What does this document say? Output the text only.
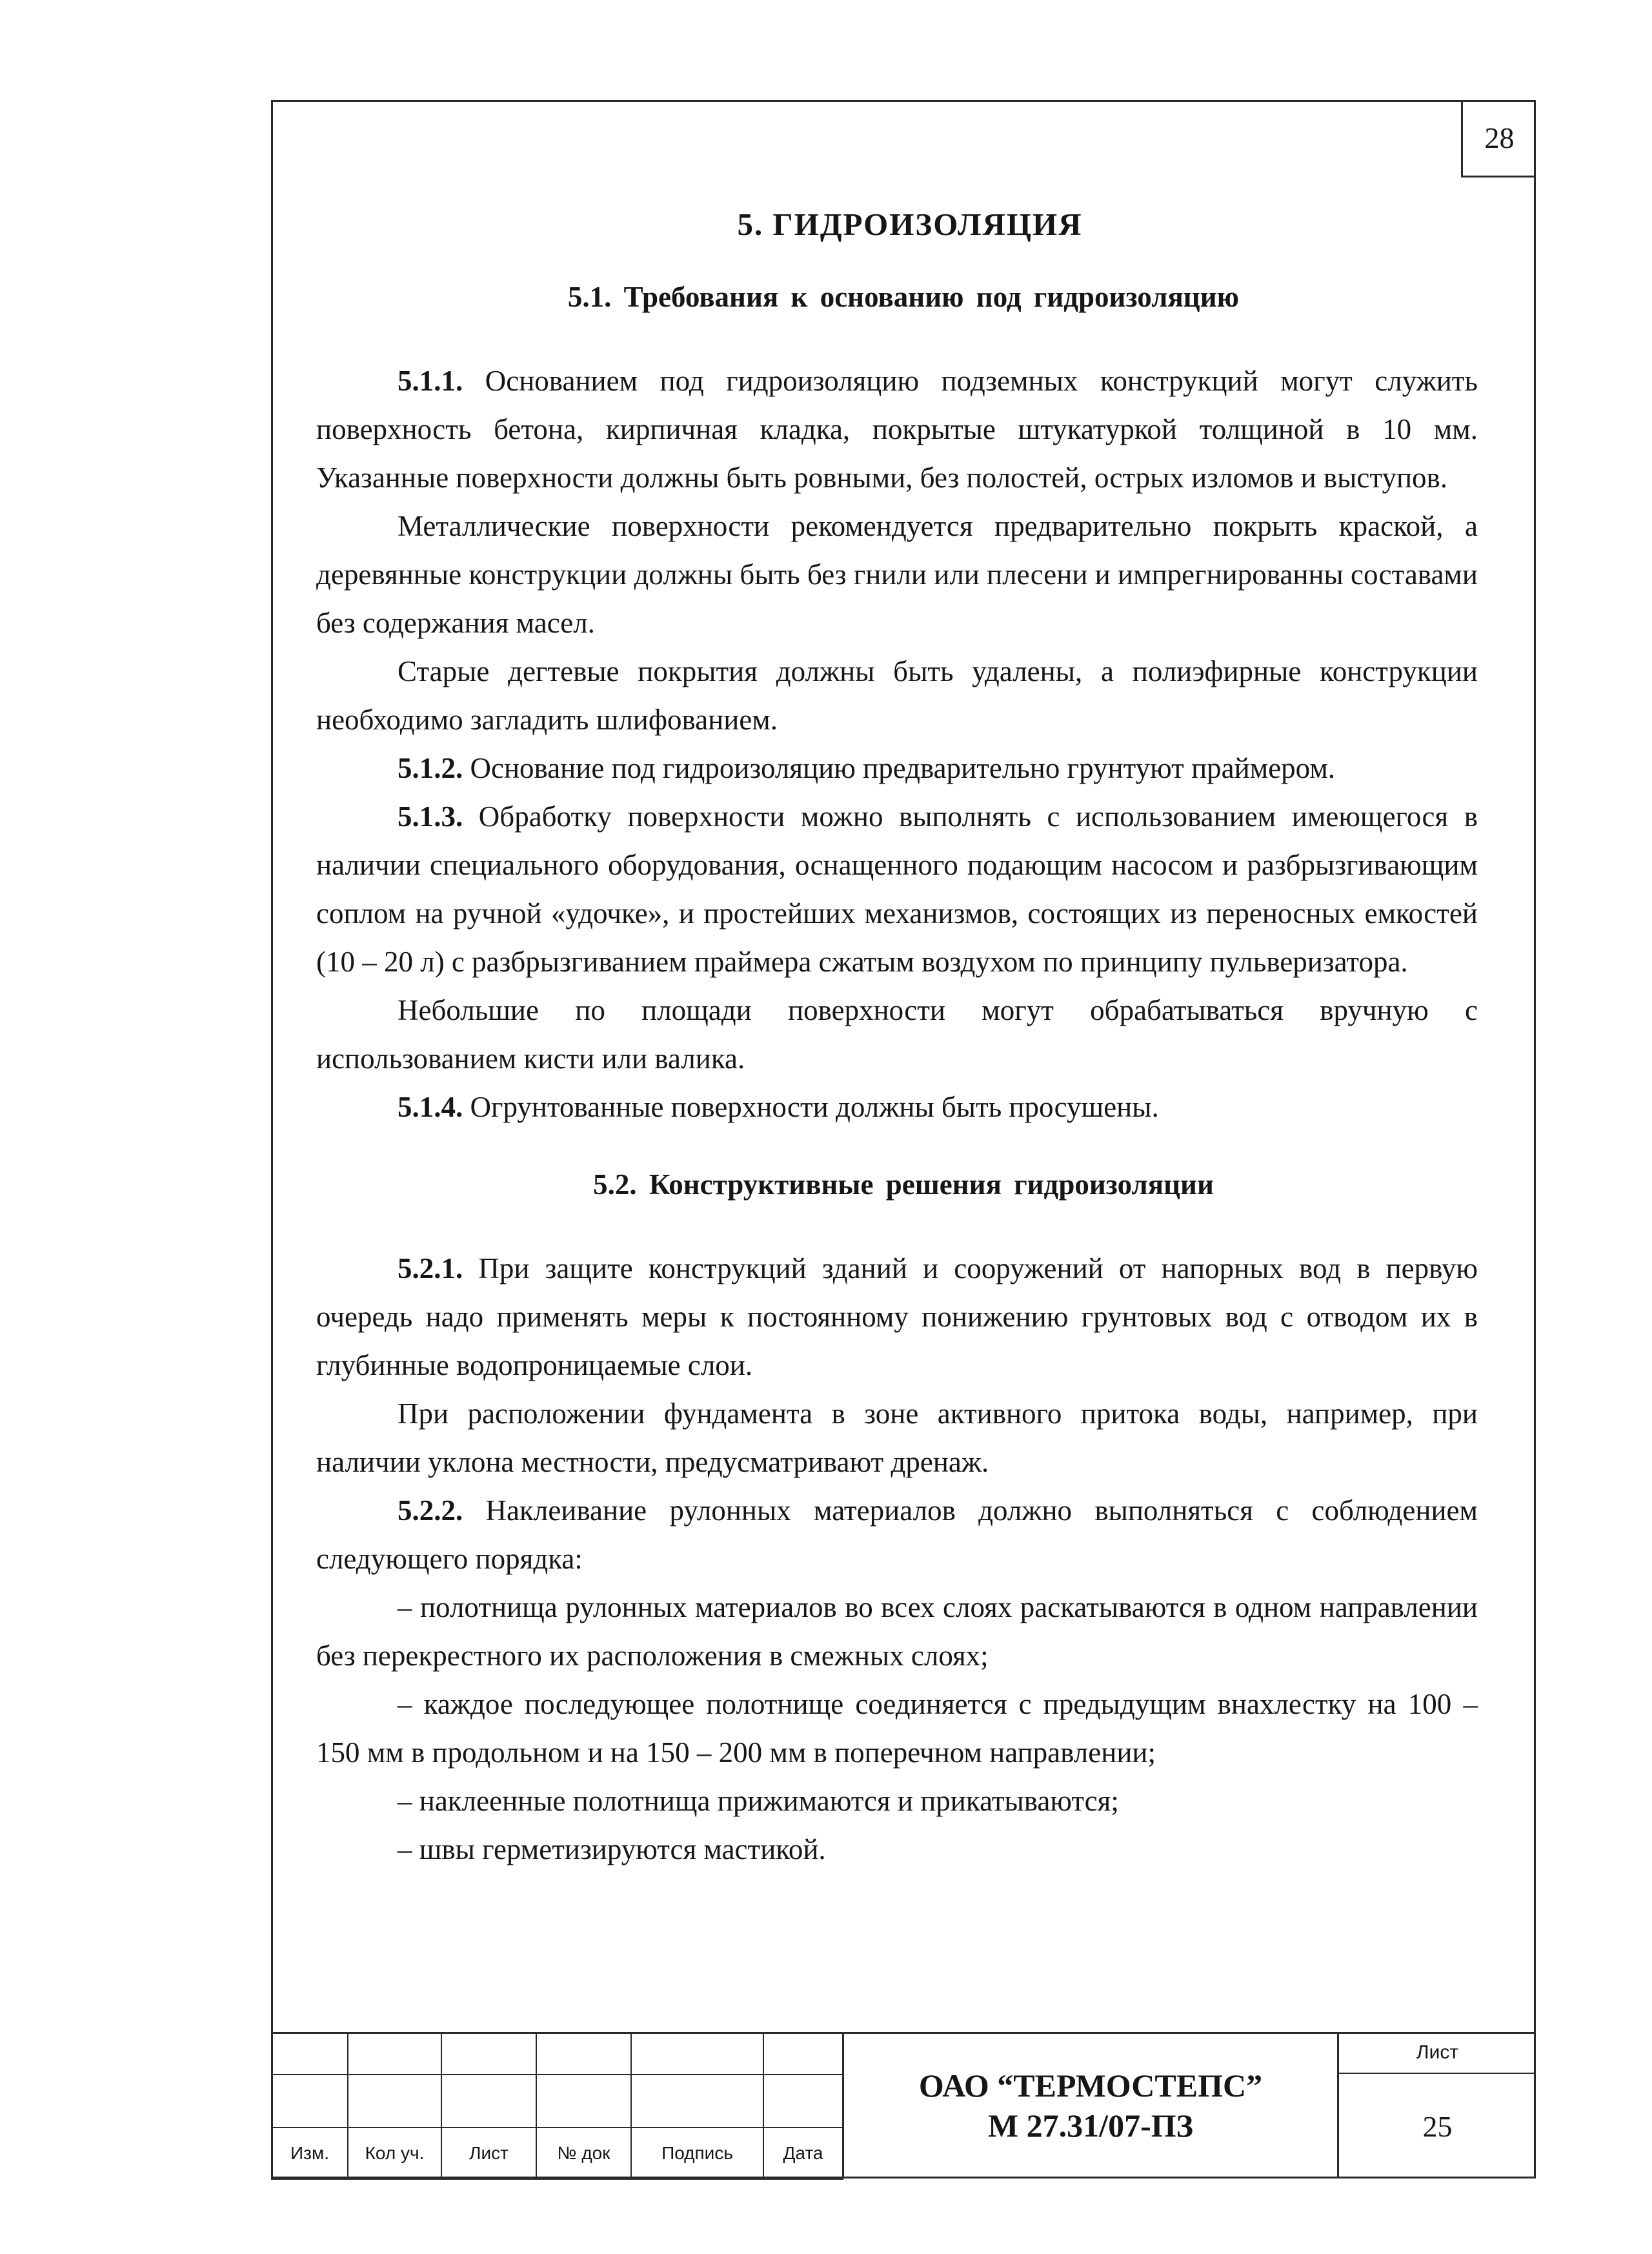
28
5. ГИДРОИЗОЛЯЦИЯ
5.1. Требования к основанию под гидроизоляцию

5.1.1. Основанием под гидроизоляцию подземных конструкций могут служить поверхность бетона, кирпичная кладка, покрытые штукатуркой толщиной в 10 мм. Указанные поверхности должны быть ровными, без полостей, острых изломов и выступов.

Металлические поверхности рекомендуется предварительно покрыть краской, а деревянные конструкции должны быть без гнили или плесени и импрегнированны составами без содержания масел.

Старые дегтевые покрытия должны быть удалены, а полиэфирные конструкции необходимо загладить шлифованием.

5.1.2. Основание под гидроизоляцию предварительно грунтуют праймером.

5.1.3. Обработку поверхности можно выполнять с использованием имеющегося в наличии специального оборудования, оснащенного подающим насосом и разбрызгивающим соплом на ручной «удочке», и простейших механизмов, состоящих из переносных емкостей (10 – 20 л) с разбрызгиванием праймера сжатым воздухом по принципу пульверизатора.

Небольшие по площади поверхности могут обрабатываться вручную с использованием кисти или валика.

5.1.4. Огрунтованные поверхности должны быть просушены.

5.2. Конструктивные решения гидроизоляции

5.2.1. При защите конструкций зданий и сооружений от напорных вод в первую очередь надо применять меры к постоянному понижению грунтовых вод с отводом их в глубинные водопроницаемые слои.

При расположении фундамента в зоне активного притока воды, например, при наличии уклона местности, предусматривают дренаж.

5.2.2. Наклеивание рулонных материалов должно выполняться с соблюдением следующего порядка:

– полотнища рулонных материалов во всех слоях раскатываются в одном направлении без перекрестного их расположения в смежных слоях;

– каждое последующее полотнище соединяется с предыдущим внахлестку на 100 – 150 мм в продольном и на 150 – 200 мм в поперечном направлении;

– наклеенные полотнища прижимаются и прикатываются;

– швы герметизируются мастикой.

Изм.	Кол уч.	Лист	№ док	Подпись	Дата
ОАО “ТЕРМОСТЕПС”
М 27.31/07-ПЗ
Лист
25
